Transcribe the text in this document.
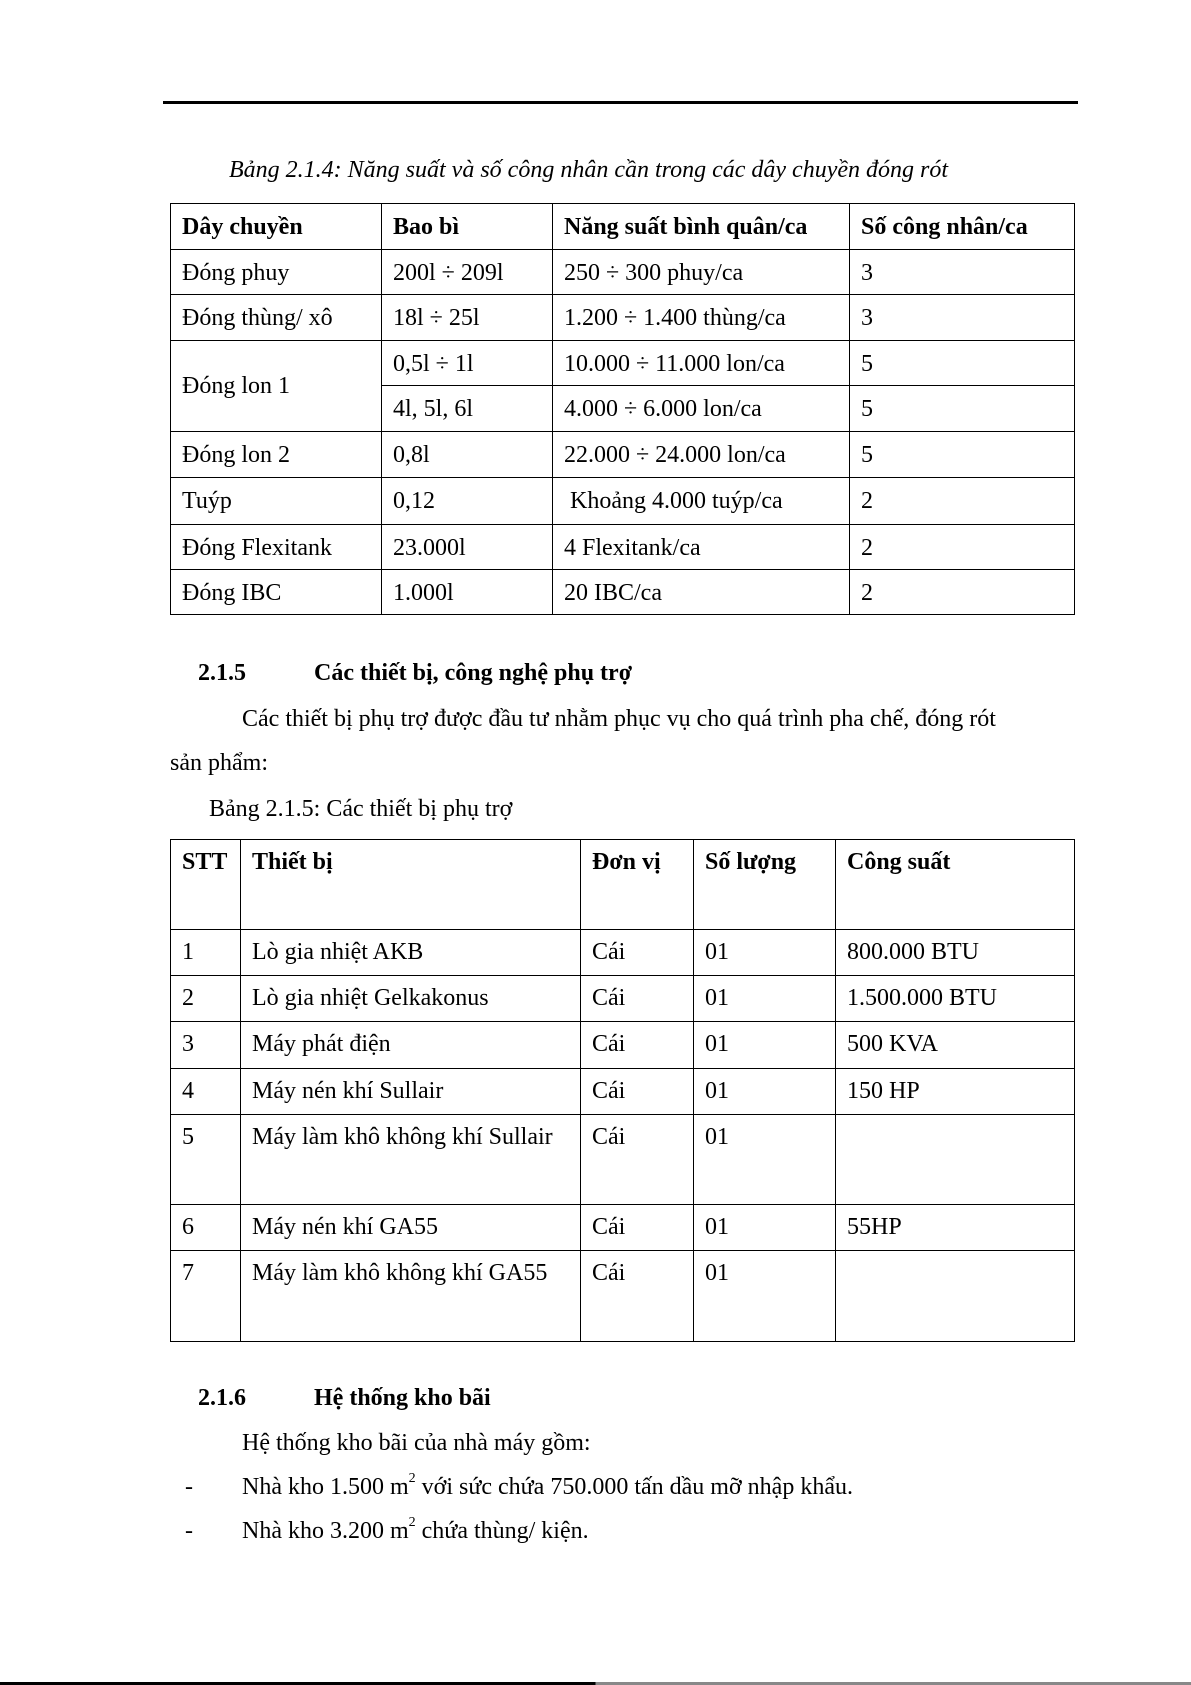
Bảng 2.1.4: Năng suất và số công nhân cần trong các dây chuyền đóng rót
Dây chuyền	Bao bì	Năng suất bình quân/ca	Số công nhân/ca
Đóng phuy	200l ÷ 209l	250 ÷ 300 phuy/ca	3
Đóng thùng/ xô	18l ÷ 25l	1.200 ÷ 1.400 thùng/ca	3
Đóng lon 1	0,5l ÷ 1l	10.000 ÷ 11.000 lon/ca	5
	4l, 5l, 6l	4.000 ÷ 6.000 lon/ca	5
Đóng lon 2	0,8l	22.000 ÷ 24.000 lon/ca	5
Tuýp	0,12	Khoảng 4.000 tuýp/ca	2
Đóng Flexitank	23.000l	4 Flexitank/ca	2
Đóng IBC	1.000l	20 IBC/ca	2
2.1.5	Các thiết bị, công nghệ phụ trợ
Các thiết bị phụ trợ được đầu tư nhằm phục vụ cho quá trình pha chế, đóng rót
sản phẩm:
Bảng 2.1.5: Các thiết bị phụ trợ
STT	Thiết bị	Đơn vị	Số lượng	Công suất
1	Lò gia nhiệt AKB	Cái	01	800.000 BTU
2	Lò gia nhiệt Gelkakonus	Cái	01	1.500.000 BTU
3	Máy phát điện	Cái	01	500 KVA
4	Máy nén khí Sullair	Cái	01	150 HP
5	Máy làm khô không khí Sullair	Cái	01	
6	Máy nén khí GA55	Cái	01	55HP
7	Máy làm khô không khí GA55	Cái	01	
2.1.6	Hệ thống kho bãi
Hệ thống kho bãi của nhà máy gồm:
- Nhà kho 1.500 $m^2$ với sức chứa 750.000 tấn dầu mỡ nhập khẩu.
- Nhà kho 3.200 $m^2$ chứa thùng/ kiện.
